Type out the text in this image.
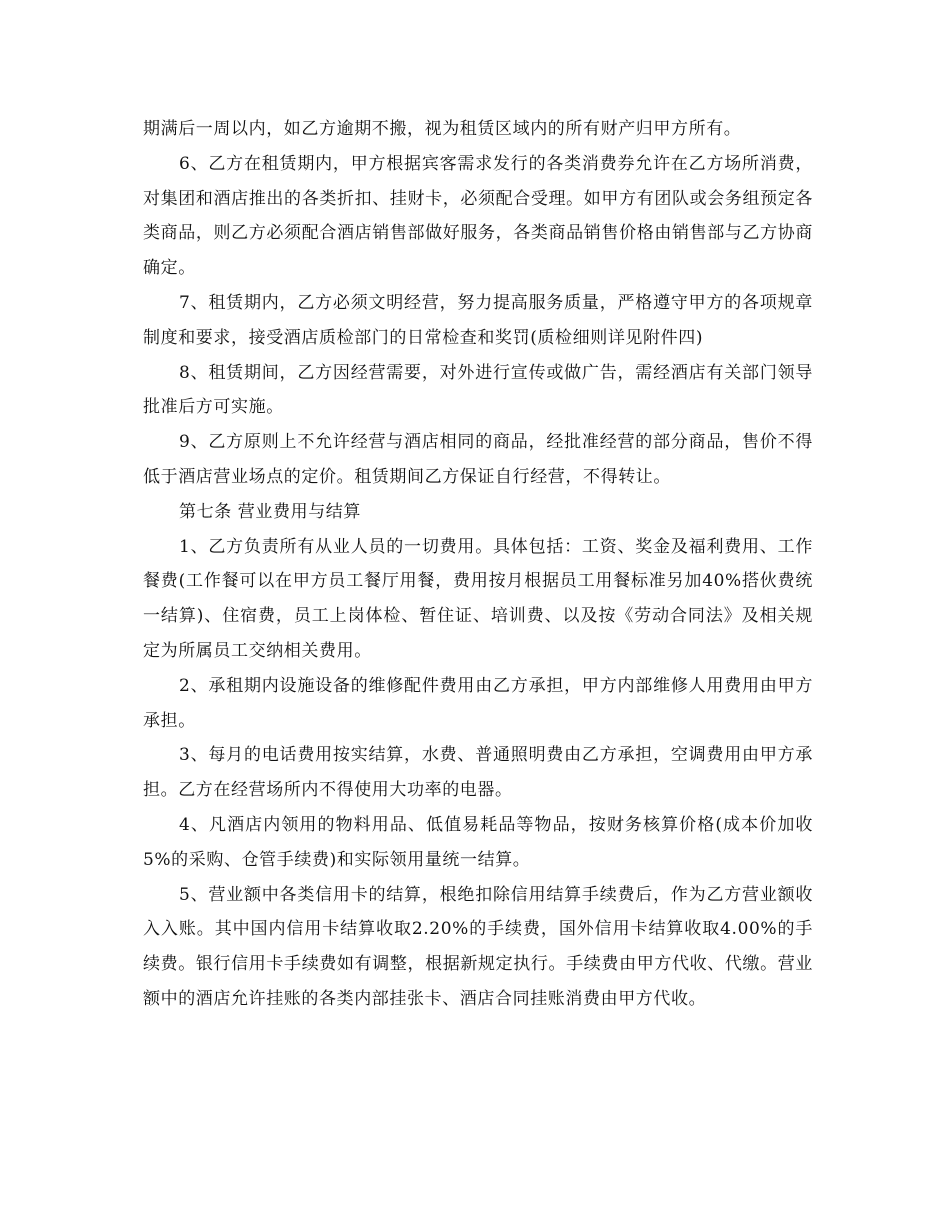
期满后一周以内，如乙方逾期不搬，视为租赁区域内的所有财产归甲方所有。

6、乙方在租赁期内，甲方根据宾客需求发行的各类消费券允许在乙方场所消费，对集团和酒店推出的各类折扣、挂财卡，必须配合受理。如甲方有团队或会务组预定各类商品，则乙方必须配合酒店销售部做好服务，各类商品销售价格由销售部与乙方协商确定。

7、租赁期内，乙方必须文明经营，努力提高服务质量，严格遵守甲方的各项规章制度和要求，接受酒店质检部门的日常检查和奖罚(质检细则详见附件四)

8、租赁期间，乙方因经营需要，对外进行宣传或做广告，需经酒店有关部门领导批准后方可实施。

9、乙方原则上不允许经营与酒店相同的商品，经批准经营的部分商品，售价不得低于酒店营业场点的定价。租赁期间乙方保证自行经营，不得转让。

第七条 营业费用与结算

1、乙方负责所有从业人员的一切费用。具体包括：工资、奖金及福利费用、工作餐费(工作餐可以在甲方员工餐厅用餐，费用按月根据员工用餐标准另加40%搭伙费统一结算)、住宿费，员工上岗体检、暂住证、培训费、以及按《劳动合同法》及相关规定为所属员工交纳相关费用。

2、承租期内设施设备的维修配件费用由乙方承担，甲方内部维修人用费用由甲方承担。

3、每月的电话费用按实结算，水费、普通照明费由乙方承担，空调费用由甲方承担。乙方在经营场所内不得使用大功率的电器。

4、凡酒店内领用的物料用品、低值易耗品等物品，按财务核算价格(成本价加收5%的采购、仓管手续费)和实际领用量统一结算。

5、营业额中各类信用卡的结算，根绝扣除信用结算手续费后，作为乙方营业额收入入账。其中国内信用卡结算收取2.20%的手续费，国外信用卡结算收取4.00%的手续费。银行信用卡手续费如有调整，根据新规定执行。手续费由甲方代收、代缴。营业额中的酒店允许挂账的各类内部挂张卡、酒店合同挂账消费由甲方代收。
